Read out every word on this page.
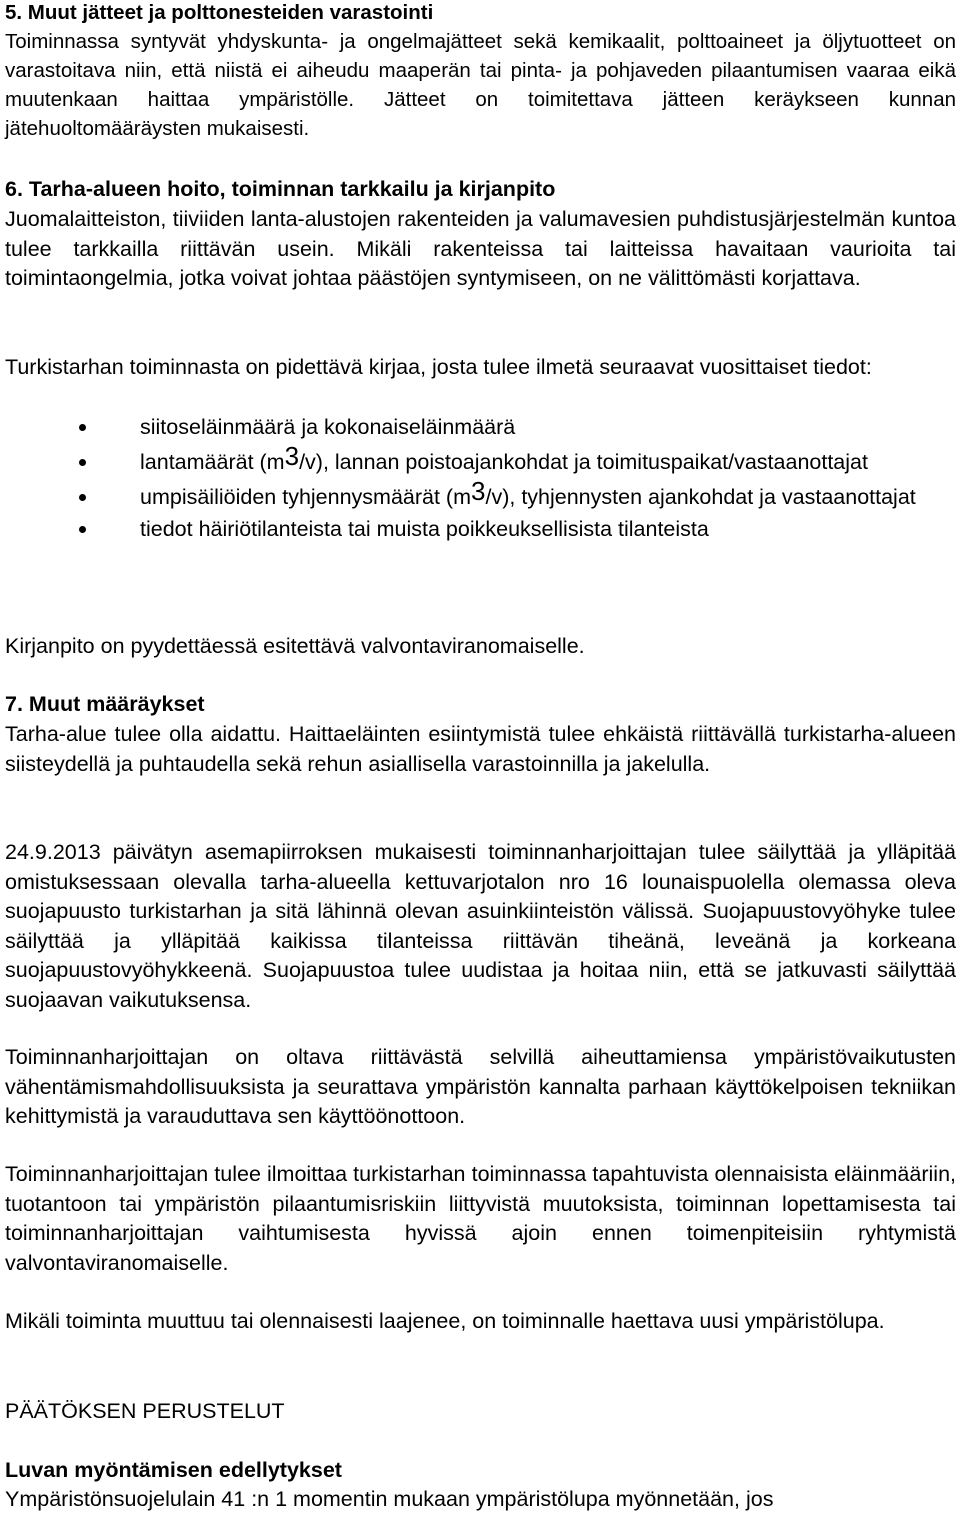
5. Muut jätteet ja polttonesteiden varastointi

Toiminnassa syntyvät yhdyskunta- ja ongelmajätteet sekä kemikaalit, polttoaineet ja öljytuotteet on varastoitava niin, että niistä ei aiheudu maaperän tai pinta- ja pohjaveden pilaantumisen vaaraa eikä muutenkaan haittaa ympäristölle. Jätteet on toimitettava jätteen keräykseen kunnan jätehuoltomääräysten mukaisesti.

6. Tarha-alueen hoito, toiminnan tarkkailu ja kirjanpito

Juomalaitteiston, tiiviiden lanta-alustojen rakenteiden ja valumavesien puhdistusjärjestelmän kuntoa tulee tarkkailla riittävän usein. Mikäli rakenteissa tai laitteissa havaitaan vaurioita tai toimintaongelmia, jotka voivat johtaa päästöjen syntymiseen, on ne välittömästi korjattava.

Turkistarhan toiminnasta on pidettävä kirjaa, josta tulee ilmetä seuraavat vuosittaiset tiedot:

siitoseläinmäärä ja kokonaiseläinmäärä
lantamäärät (m3/v), lannan poistoajankohdat ja toimituspaikat/vastaanottajat
umpisäiliöiden tyhjennysmäärät (m3/v), tyhjennysten ajankohdat ja vastaanottajat
tiedot häiriötilanteista tai muista poikkeuksellisista tilanteista

Kirjanpito on pyydettäessä esitettävä valvontaviranomaiselle.

7. Muut määräykset

Tarha-alue tulee olla aidattu. Haittaeläinten esiintymistä tulee ehkäistä riittävällä turkistarha-alueen siisteydellä ja puhtaudella sekä rehun asiallisella varastoinnilla ja jakelulla.

24.9.2013 päivätyn asemapiirroksen mukaisesti toiminnanharjoittajan tulee säilyttää ja ylläpitää omistuksessaan olevalla tarha-alueella kettuvarjotalon nro 16 lounaispuolella olemassa oleva suojapuusto turkistarhan ja sitä lähinnä olevan asuinkiinteistön välissä. Suojapuustovyöhyke tulee säilyttää ja ylläpitää kaikissa tilanteissa riittävän tiheänä, leveänä ja korkeana suojapuustovyöhykkeenä. Suojapuustoa tulee uudistaa ja hoitaa niin, että se jatkuvasti säilyttää suojaavan vaikutuksensa.

Toiminnanharjoittajan on oltava riittävästä selvillä aiheuttamiensa ympäristövaikutusten vähentämismahdollisuuksista ja seurattava ympäristön kannalta parhaan käyttökelpoisen tekniikan kehittymistä ja varauduttava sen käyttöönottoon.

Toiminnanharjoittajan tulee ilmoittaa turkistarhan toiminnassa tapahtuvista olennaisista eläinmääriin, tuotantoon tai ympäristön pilaantumisriskiin liittyvistä muutoksista, toiminnan lopettamisesta tai toiminnanharjoittajan vaihtumisesta hyvissä ajoin ennen toimenpiteisiin ryhtymistä valvontaviranomaiselle.

Mikäli toiminta muuttuu tai olennaisesti laajenee, on toiminnalle haettava uusi ympäristölupa.

PÄÄTÖKSEN PERUSTELUT
Luvan myöntämisen edellytykset

Ympäristönsuojelulain 41 :n 1 momentin mukaan ympäristölupa myönnetään, jos
